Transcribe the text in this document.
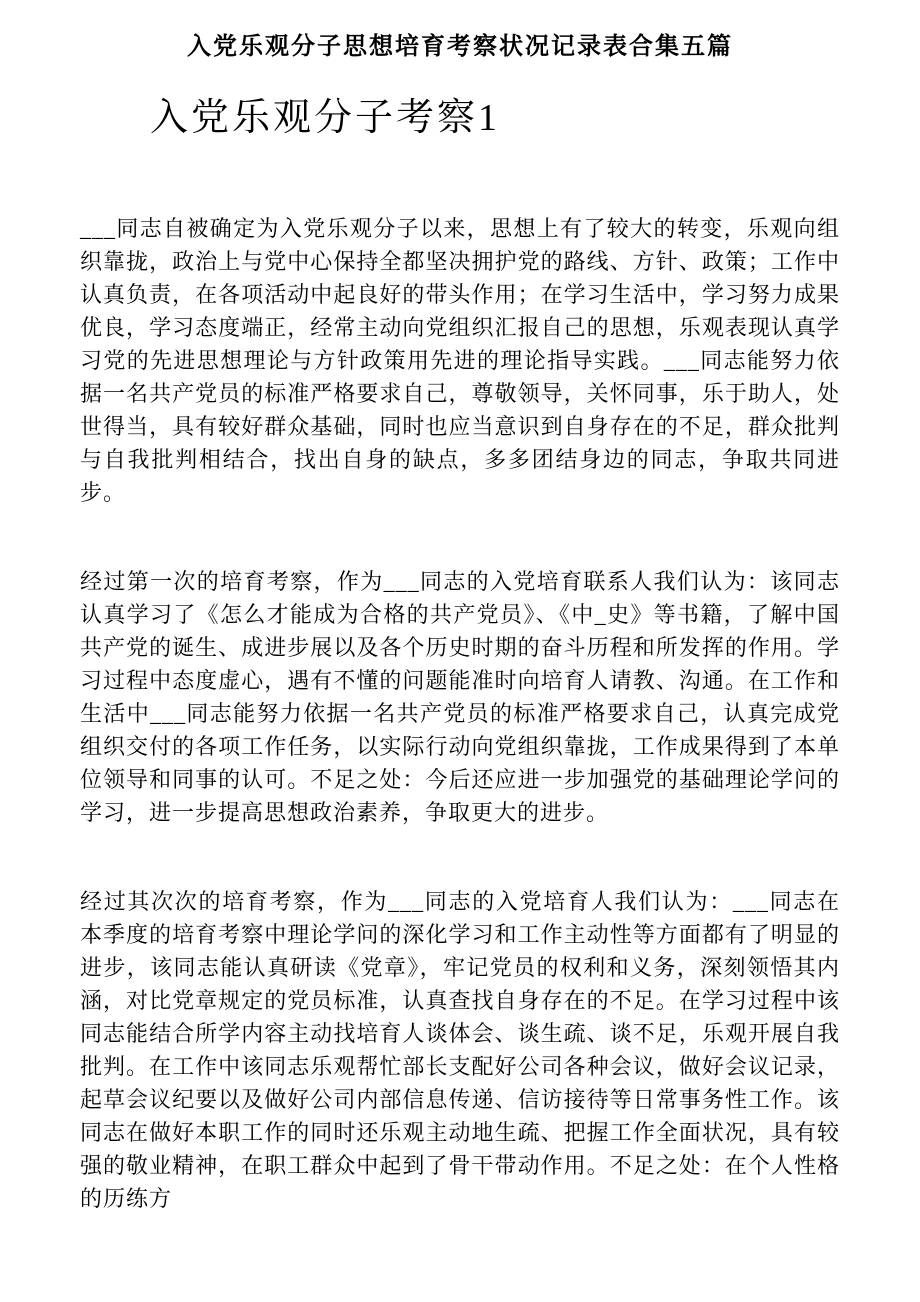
入党乐观分子思想培育考察状况记录表合集五篇
入党乐观分子考察1

___同志自被确定为入党乐观分子以来，思想上有了较大的转变，乐观向组织靠拢，政治上与党中心保持全都坚决拥护党的路线、方针、政策；工作中认真负责，在各项活动中起良好的带头作用；在学习生活中，学习努力成果优良，学习态度端正，经常主动向党组织汇报自己的思想，乐观表现认真学习党的先进思想理论与方针政策用先进的理论指导实践。___同志能努力依据一名共产党员的标准严格要求自己，尊敬领导，关怀同事，乐于助人，处世得当，具有较好群众基础，同时也应当意识到自身存在的不足，群众批判与自我批判相结合，找出自身的缺点，多多团结身边的同志，争取共同进步。

经过第一次的培育考察，作为___同志的入党培育联系人我们认为：该同志认真学习了《怎么才能成为合格的共产党员》、《中_史》等书籍，了解中国共产党的诞生、成进步展以及各个历史时期的奋斗历程和所发挥的作用。学习过程中态度虚心，遇有不懂的问题能准时向培育人请教、沟通。在工作和生活中___同志能努力依据一名共产党员的标准严格要求自己，认真完成党组织交付的各项工作任务，以实际行动向党组织靠拢，工作成果得到了本单位领导和同事的认可。不足之处：今后还应进一步加强党的基础理论学问的学习，进一步提高思想政治素养，争取更大的进步。

经过其次次的培育考察，作为___同志的入党培育人我们认为：___同志在本季度的培育考察中理论学问的深化学习和工作主动性等方面都有了明显的进步，该同志能认真研读《党章》，牢记党员的权利和义务，深刻领悟其内涵，对比党章规定的党员标准，认真查找自身存在的不足。在学习过程中该同志能结合所学内容主动找培育人谈体会、谈生疏、谈不足，乐观开展自我批判。在工作中该同志乐观帮忙部长支配好公司各种会议，做好会议记录，起草会议纪要以及做好公司内部信息传递、信访接待等日常事务性工作。该同志在做好本职工作的同时还乐观主动地生疏、把握工作全面状况，具有较强的敬业精神，在职工群众中起到了骨干带动作用。不足之处：在个人性格的历练方
